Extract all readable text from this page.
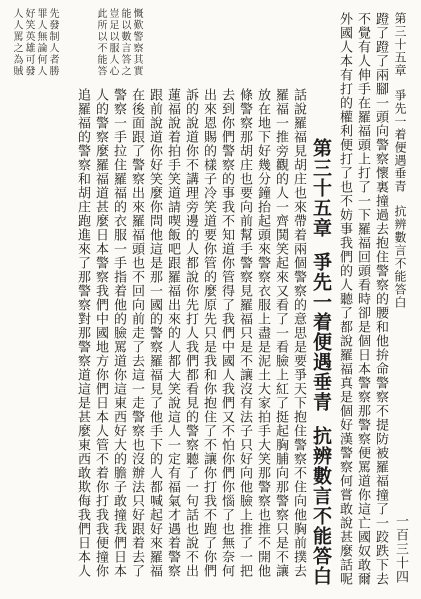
第三十五章
爭先一着便遇垂青
抗辨數言不能答白
一百三十四
蹬了蹬了兩腳一頭向警察懷裏撞過去抱住警察的腰和他拚命警察不提防被羅福撞了一跤跌下去
不覺有人伸手在羅福頭上打了一下羅福回頭看時卻是個日本警察那警察便罵道你這亡國奴敢爾
外國人本有打的權利便打了也不妨事我們的人聽了都說羅福真是個好漢警察何嘗敢說甚麼話呢
第三十五章
爭先一着便遇垂青
抗辨數言不能答白
話說羅福見胡庄也來帶着兩個警察的意思是要爭天下抱住警察不住向他胸前撲去
羅福一推旁觀的人一齊鬨笑起來又看了一看臉上紅了挺起胸脯向那警察只是不讓
放在地下好幾分鐘抬起頭來警察衣服上盡是泥土大家拍手大笑那警察也推不開他
條警察那胡庄也要向前幫手警察見羅福只是不讓沒有法子只好向他臉上推了一把
去到你們警察的事我不知道你管得了我們中國人我們又不怕你們你惱了也無奈何
出來恩賜的樣子冷笑道要你管的麼原先只是我和你抱住了不讓你打我不跑了你們
訴的說道你不講理旁邊的人都說你先打人我們都看見的警察聽了一句話也說不出
蓮福說着拍手笑道請喫飯吧跟羅福出來的人都大笑說這人一定有福氣才遇着警察
跟前說道你好笑麼你問他這是那一國的警察羅福見了他手下的人都喊起好來羅福
在後面跟了警察出來羅福頭也不回向前走了去這一走警察也沒辦法只好跟着去了
警察一手拉住羅福的衣服一手指着他的臉罵道你這東西好大的膽子敢撞我們日本
人的警察麼羅福道甚麼日本警察我們中國地方你們日本人管不着你打我我便撞你
追羅福的警察和胡庄跑進來了那警察對那警察道這是甚麼東西敢欺侮我們日本人
先發制人者勝
罪人無論何人
好笑英雄可發
人人罵之為賊	慨歎警察其實
能以數言答之
豈足以服人心
此所以不能答
